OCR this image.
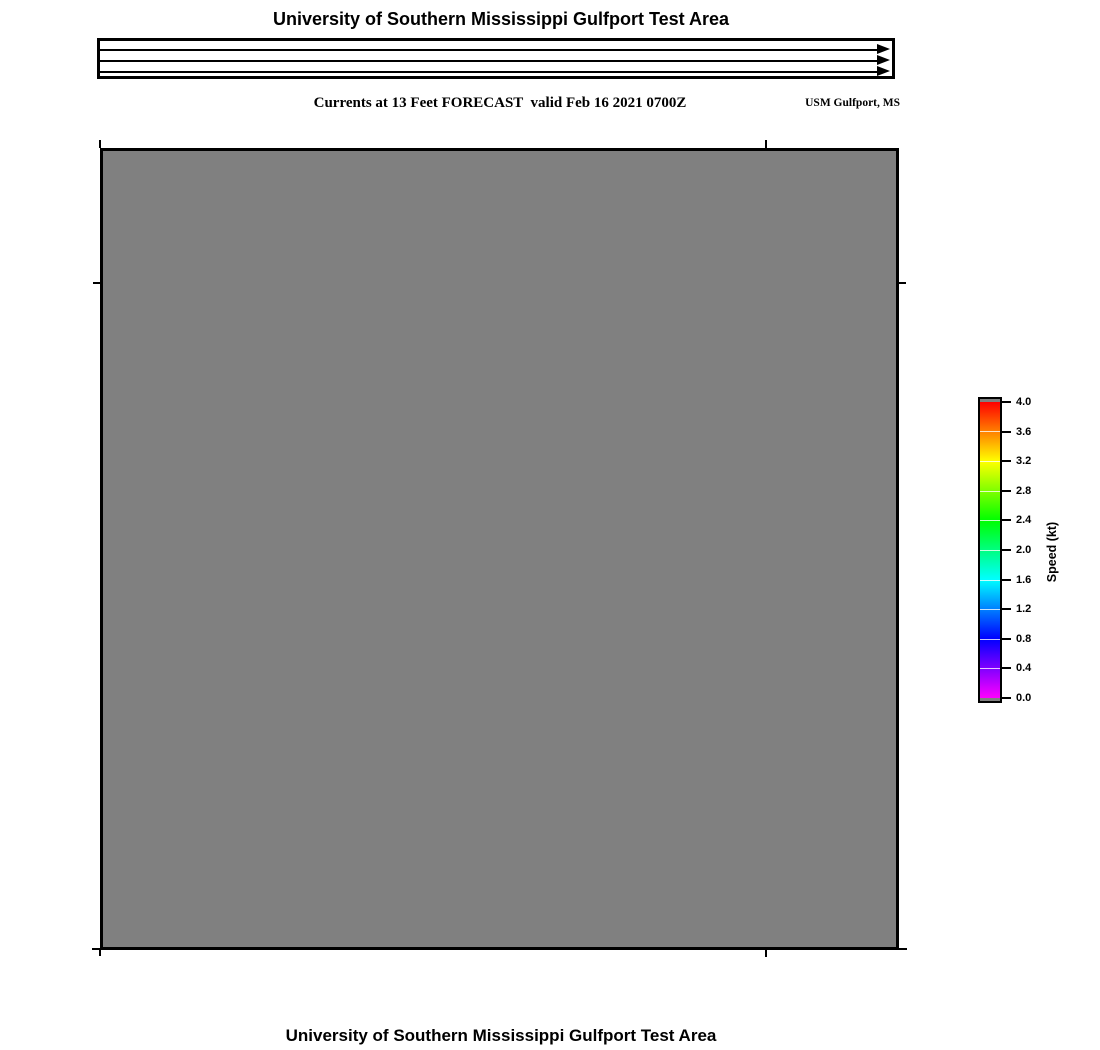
University of Southern Mississippi Gulfport Test Area
Currents at 13 Feet FORECAST  valid Feb 16 2021 0700Z	USM Gulfport, MS
4.0
3.6
3.2
2.8
2.4
2.0
1.6
1.2
0.8
0.4
0.0
Speed (kt)
University of Southern Mississippi Gulfport Test Area
